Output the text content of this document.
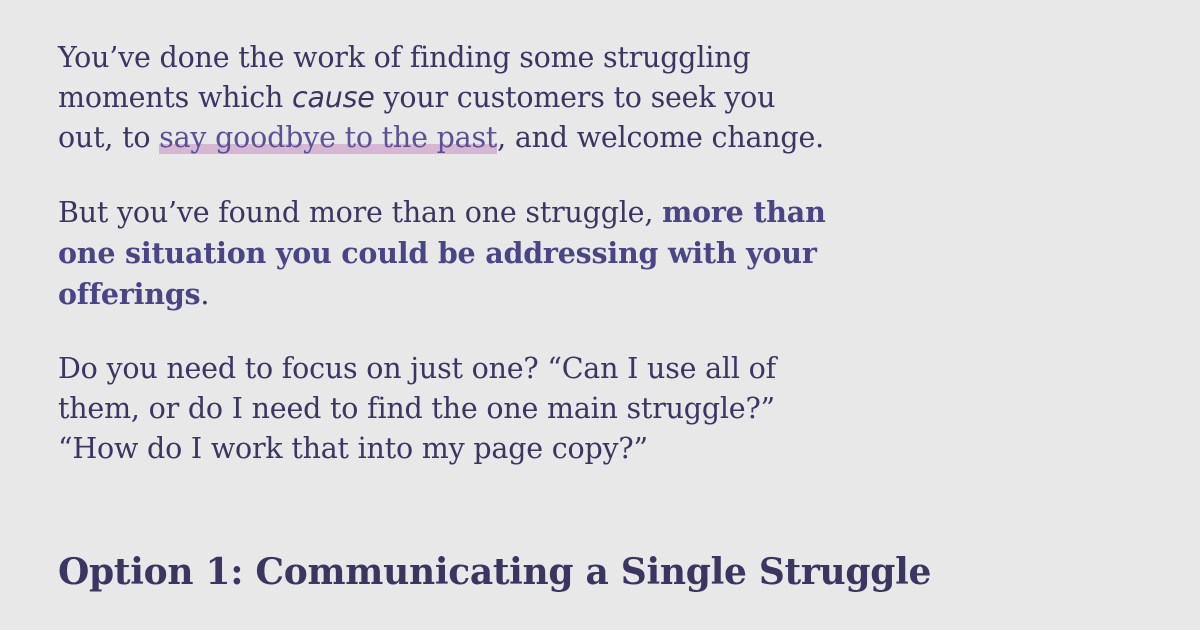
You’ve done the work of finding some struggling
moments which cause your customers to seek you
out, to say goodbye to the past, and welcome change.

But you’ve found more than one struggle, more than
one situation you could be addressing with your
offerings.

Do you need to focus on just one? “Can I use all of
them, or do I need to find the one main struggle?”
“How do I work that into my page copy?”

Option 1: Communicating a Single Struggle
